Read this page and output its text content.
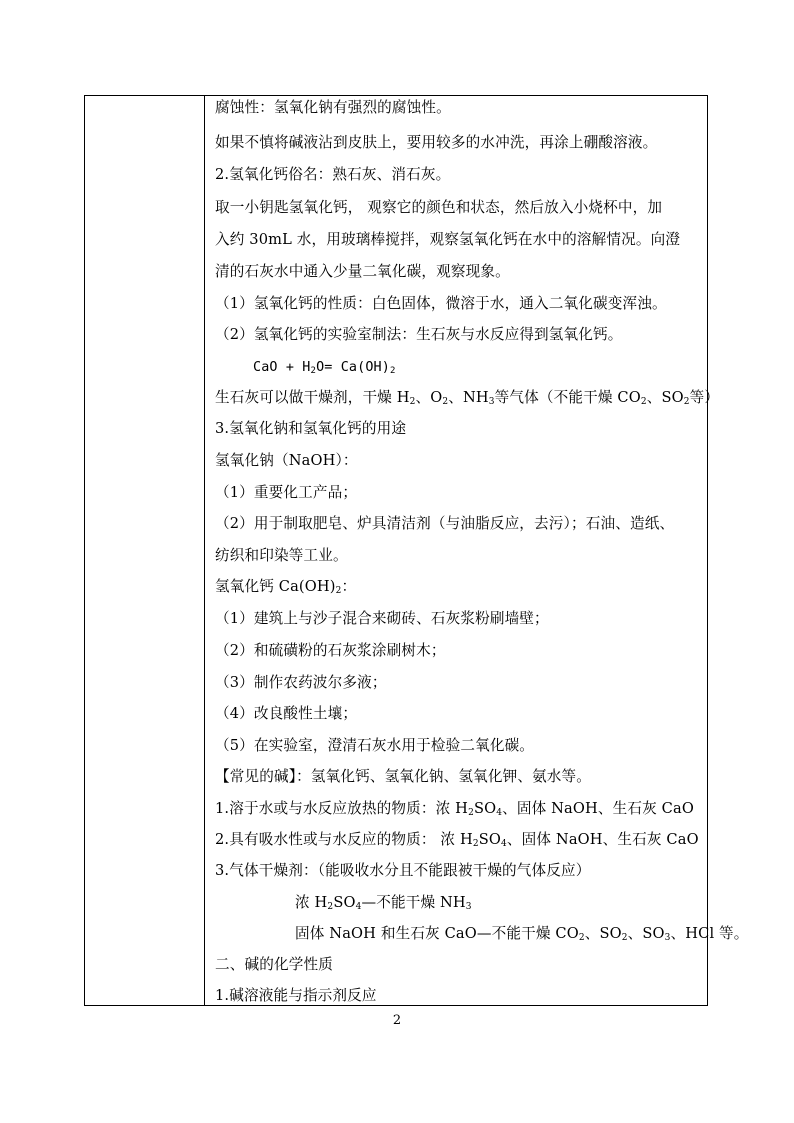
腐蚀性：氢氧化钠有强烈的腐蚀性。
如果不慎将碱液沾到皮肤上，要用较多的水冲洗，再涂上硼酸溶液。
2.氢氧化钙俗名：熟石灰、消石灰。
取一小钥匙氢氧化钙， 观察它的颜色和状态，然后放入小烧杯中，加
入约 30mL 水，用玻璃棒搅拌，观察氢氧化钙在水中的溶解情况。向澄
清的石灰水中通入少量二氧化碳，观察现象。
（1）氢氧化钙的性质：白色固体，微溶于水，通入二氧化碳变浑浊。
（2）氢氧化钙的实验室制法：生石灰与水反应得到氢氧化钙。
CaO + $H_2O= Ca(OH)_2$
生石灰可以做干燥剂，干燥 $H_2$、$O_2$、$NH_3$等气体（不能干燥 $CO_2$、$SO_2$等）
3.氢氧化钠和氢氧化钙的用途
氢氧化钠（NaOH）：
（1）重要化工产品；
（2）用于制取肥皂、炉具清洁剂（与油脂反应，去污）；石油、造纸、
纺织和印染等工业。
氢氧化钙 $Ca(OH)_2$：
（1）建筑上与沙子混合来砌砖、石灰浆粉刷墙壁；
（2）和硫磺粉的石灰浆涂刷树木；
（3）制作农药波尔多液；
（4）改良酸性土壤；
（5）在实验室，澄清石灰水用于检验二氧化碳。
【常见的碱】：氢氧化钙、氢氧化钠、氢氧化钾、氨水等。
1.溶于水或与水反应放热的物质：浓 $H_2SO_4$、固体 NaOH、生石灰 CaO
2.具有吸水性或与水反应的物质： 浓 $H_2SO_4$、固体 NaOH、生石灰 CaO
3.气体干燥剂：（能吸收水分且不能跟被干燥的气体反应）
浓 $H_2SO_4—$不能干燥 $NH_3$
固体 NaOH 和生石灰 CaO—不能干燥 $CO_2$、$SO_2$、$SO_3$、HCl 等。
二、碱的化学性质
1.碱溶液能与指示剂反应
2
